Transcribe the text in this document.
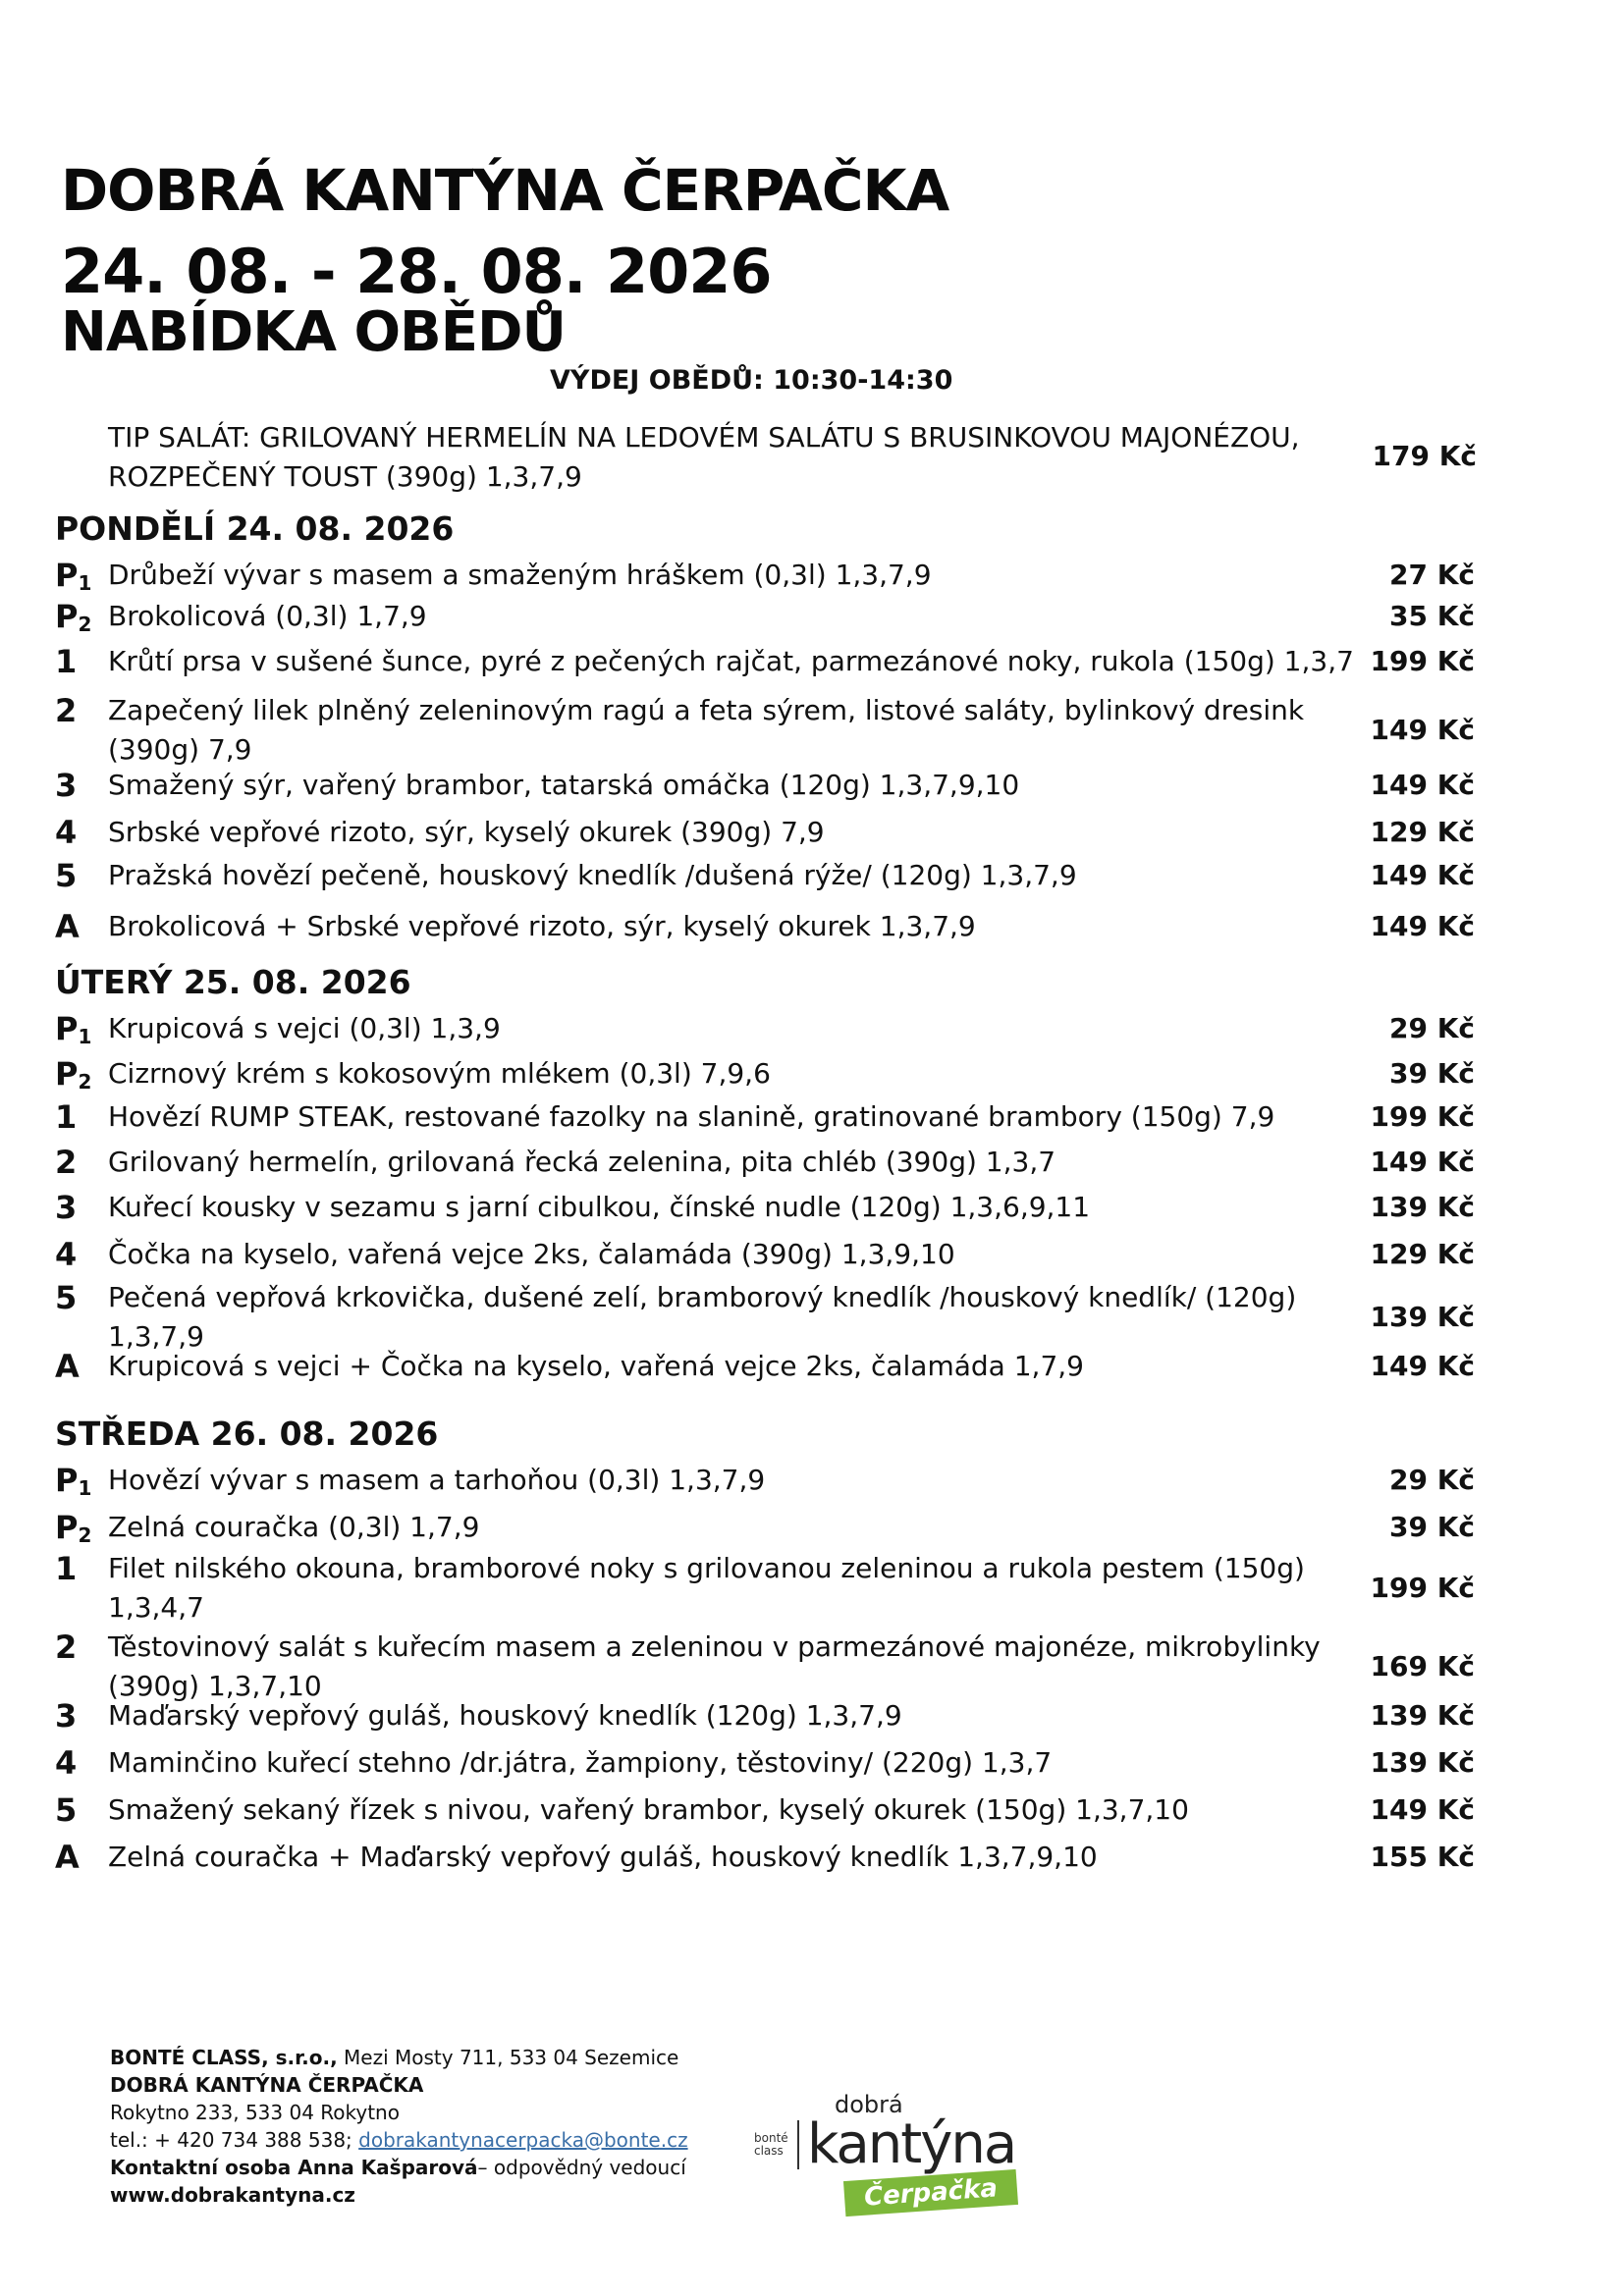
DOBRÁ KANTÝNA ČERPAČKA
24. 08. - 28. 08. 2026
NABÍDKA OBĚDŮ
VÝDEJ OBĚDŮ: 10:30-14:30
TIP SALÁT: GRILOVANÝ HERMELÍN NA LEDOVÉM SALÁTU S BRUSINKOVOU MAJONÉZOU, ROZPEČENÝ TOUST (390g) 1,3,7,9
179 Kč
PONDĚLÍ 24. 08. 2026
$P_1$ Drůbeží vývar s masem a smaženým hráškem (0,3l) 1,3,7,9	27 Kč
$P_2$ Brokolicová (0,3l) 1,7,9	35 Kč
1 Krůtí prsa v sušené šunce, pyré z pečených rajčat, parmezánové noky, rukola (150g) 1,3,7 199 Kč
2 Zapečený lilek plněný zeleninovým ragú a feta sýrem, listové saláty, bylinkový dresink (390g) 7,9
149 Kč
3 Smažený sýr, vařený brambor, tatarská omáčka (120g) 1,3,7,9,10	149 Kč
4 Srbské vepřové rizoto, sýr, kyselý okurek (390g) 7,9	129 Kč
5 Pražská hovězí pečeně, houskový knedlík /dušená rýže/ (120g) 1,3,7,9	149 Kč
A Brokolicová + Srbské vepřové rizoto, sýr, kyselý okurek 1,3,7,9	149 Kč
ÚTERÝ 25. 08. 2026
$P_1$ Krupicová s vejci (0,3l) 1,3,9	29 Kč
$P_2$ Cizrnový krém s kokosovým mlékem (0,3l) 7,9,6	39 Kč
1 Hovězí RUMP STEAK, restované fazolky na slanině, gratinované brambory (150g) 7,9	199 Kč
2 Grilovaný hermelín, grilovaná řecká zelenina, pita chléb (390g) 1,3,7	149 Kč
3 Kuřecí kousky v sezamu s jarní cibulkou, čínské nudle (120g) 1,3,6,9,11	139 Kč
4 Čočka na kyselo, vařená vejce 2ks, čalamáda (390g) 1,3,9,10	129 Kč
5 Pečená vepřová krkovička, dušené zelí, bramborový knedlík /houskový knedlík/ (120g) 1,3,7,9
139 Kč
A Krupicová s vejci + Čočka na kyselo, vařená vejce 2ks, čalamáda 1,7,9	149 Kč
STŘEDA 26. 08. 2026
$P_1$ Hovězí vývar s masem a tarhoňou (0,3l) 1,3,7,9	29 Kč
$P_2$ Zelná couračka (0,3l) 1,7,9	39 Kč
1 Filet nilského okouna, bramborové noky s grilovanou zeleninou a rukola pestem (150g) 1,3,4,7
199 Kč
2 Těstovinový salát s kuřecím masem a zeleninou v parmezánové majonéze, mikrobylinky (390g) 1,3,7,10
169 Kč
3 Maďarský vepřový guláš, houskový knedlík (120g) 1,3,7,9	139 Kč
4 Maminčino kuřecí stehno /dr.játra, žampiony, těstoviny/ (220g) 1,3,7	139 Kč
5 Smažený sekaný řízek s nivou, vařený brambor, kyselý okurek (150g) 1,3,7,10	149 Kč
A Zelná couračka + Maďarský vepřový guláš, houskový knedlík 1,3,7,9,10	155 Kč
BONTÉ CLASS, s.r.o., Mezi Mosty 711, 533 04 Sezemice
DOBRÁ KANTÝNA ČERPAČKA
Rokytno 233, 533 04 Rokytno
tel.: + 420 734 388 538; dobrakantynacerpacka@bonte.cz
Kontaktní osoba Anna Kašparová– odpovědný vedoucí
www.dobrakantyna.cz
bonté
class
dobrá
kantýna
Čerpačka
